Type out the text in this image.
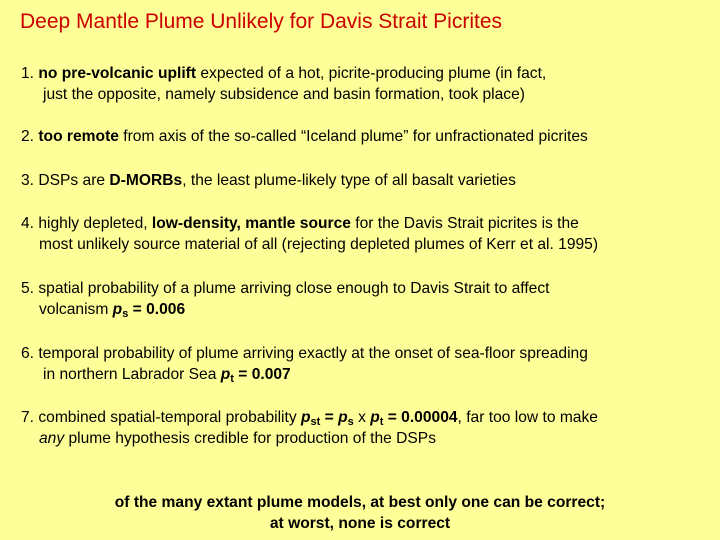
Deep Mantle Plume Unlikely for Davis Strait Picrites
1. no pre-volcanic uplift expected of a hot, picrite-producing plume (in fact,
just the opposite, namely subsidence and basin formation, took place)
2. too remote from axis of the so-called “Iceland plume” for unfractionated picrites
3. DSPs are D-MORBs, the least plume-likely type of all basalt varieties
4. highly depleted, low-density, mantle source for the Davis Strait picrites is the
most unlikely source material of all (rejecting depleted plumes of Kerr et al. 1995)
5. spatial probability of a plume arriving close enough to Davis Strait to affect
volcanism $p_s = 0.006$
6. temporal probability of plume arriving exactly at the onset of sea-floor spreading
in northern Labrador Sea $p_t = 0.007$
7. combined spatial-temporal probability $p_{st} = p_s$ x $p_t = 0.00004$, far too low to make
any plume hypothesis credible for production of the DSPs
of the many extant plume models, at best only one can be correct;
at worst, none is correct
